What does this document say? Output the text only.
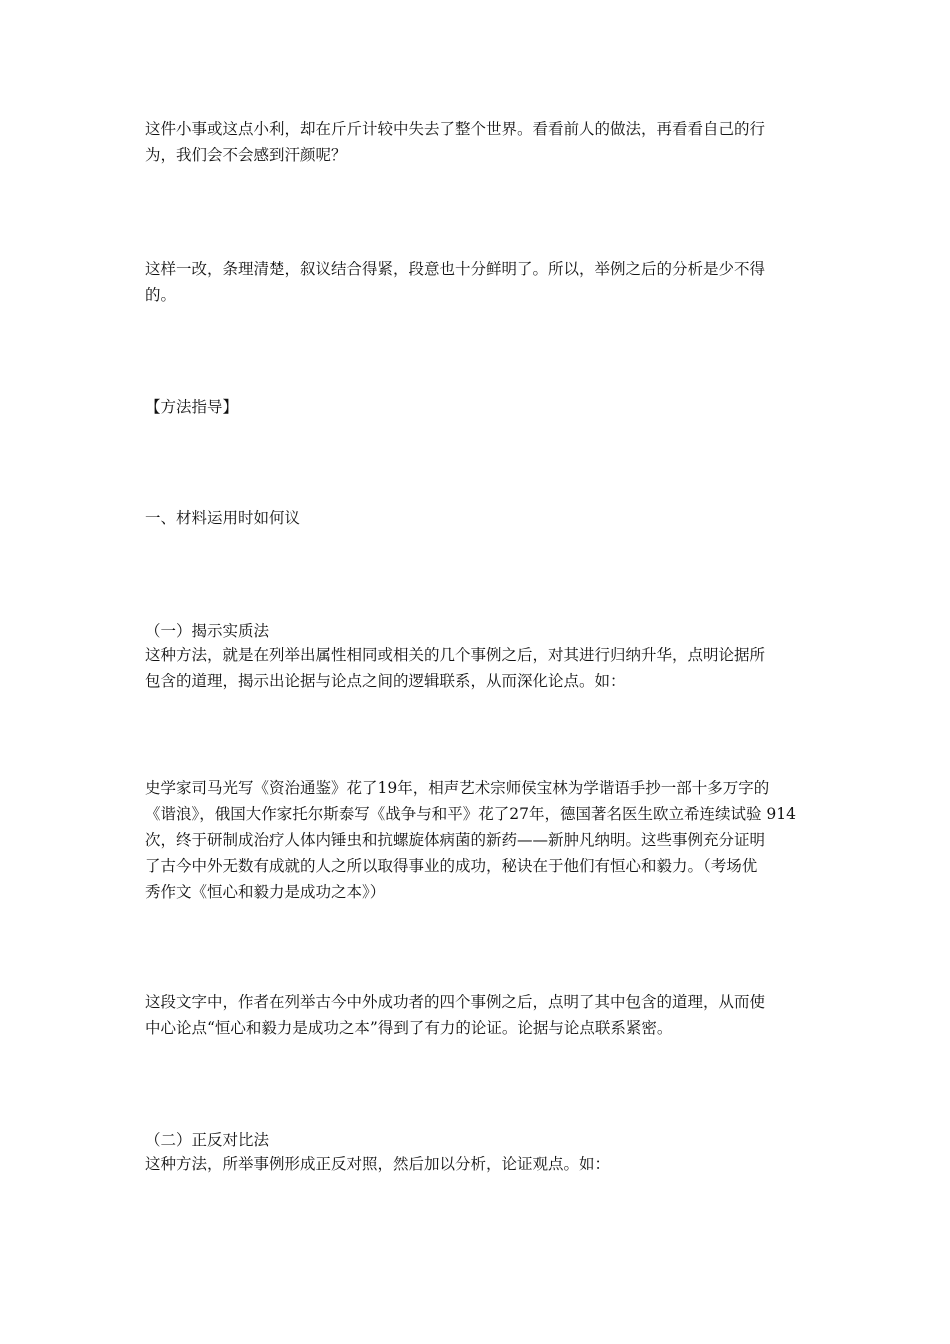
这件小事或这点小利，却在斤斤计较中失去了整个世界。看看前人的做法，再看看自己的行
为，我们会不会感到汗颜呢？

这样一改，条理清楚，叙议结合得紧，段意也十分鲜明了。所以，举例之后的分析是少不得
的。

【方法指导】

一、材料运用时如何议

（一）揭示实质法

这种方法，就是在列举出属性相同或相关的几个事例之后，对其进行归纳升华，点明论据所
包含的道理，揭示出论据与论点之间的逻辑联系，从而深化论点。如：

史学家司马光写《资治通鉴》花了19年，相声艺术宗师侯宝林为学谐语手抄一部十多万字的
《谐浪》，俄国大作家托尔斯泰写《战争与和平》花了27年，德国著名医生欧立希连续试验 914
次，终于研制成治疗人体内锤虫和抗螺旋体病菌的新药——新肿凡纳明。这些事例充分证明
了古今中外无数有成就的人之所以取得事业的成功，秘诀在于他们有恒心和毅力。（考场优
秀作文《恒心和毅力是成功之本》）

这段文字中，作者在列举古今中外成功者的四个事例之后，点明了其中包含的道理，从而使
中心论点“恒心和毅力是成功之本”得到了有力的论证。论据与论点联系紧密。

（二）正反对比法

这种方法，所举事例形成正反对照，然后加以分析，论证观点。如：
